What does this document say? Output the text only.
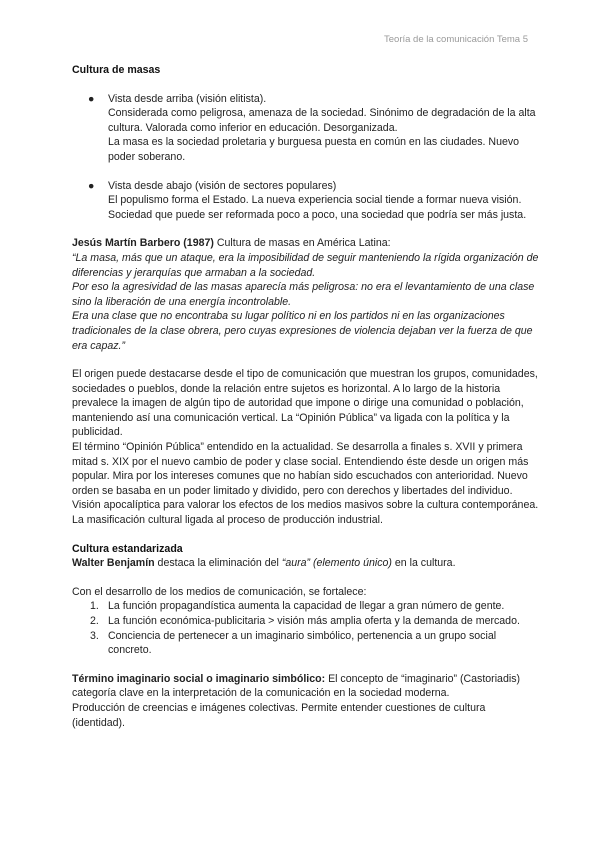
Teoría de la comunicación Tema 5

Cultura de masas

● Vista desde arriba (visión elitista).

Considerada como peligrosa, amenaza de la sociedad. Sinónimo de degradación de la alta cultura. Valorada como inferior en educación. Desorganizada.

La masa es la sociedad proletaria y burguesa puesta en común en las ciudades. Nuevo poder soberano.

● Vista desde abajo (visión de sectores populares)

El populismo forma el Estado. La nueva experiencia social tiende a formar nueva visión.

Sociedad que puede ser reformada poco a poco, una sociedad que podría ser más justa.

Jesús Martín Barbero (1987) Cultura de masas en América Latina:

“La masa, más que un ataque, era la imposibilidad de seguir manteniendo la rígida organización de diferencias y jerarquías que armaban a la sociedad.

Por eso la agresividad de las masas aparecía más peligrosa: no era el levantamiento de una clase sino la liberación de una energía incontrolable.

Era una clase que no encontraba su lugar político ni en los partidos ni en las organizaciones tradicionales de la clase obrera, pero cuyas expresiones de violencia dejaban ver la fuerza de que era capaz.”

El origen puede destacarse desde el tipo de comunicación que muestran los grupos, comunidades, sociedades o pueblos, donde la relación entre sujetos es horizontal. A lo largo de la historia prevalece la imagen de algún tipo de autoridad que impone o dirige una comunidad o población, manteniendo así una comunicación vertical. La “Opinión Pública” va ligada con la política y la publicidad.

El término “Opinión Pública” entendido en la actualidad. Se desarrolla a finales s. XVII y primera mitad s. XIX por el nuevo cambio de poder y clase social. Entendiendo éste desde un origen más popular. Mira por los intereses comunes que no habían sido escuchados con anterioridad. Nuevo orden se basaba en un poder limitado y dividido, pero con derechos y libertades del individuo.

Visión apocalíptica para valorar los efectos de los medios masivos sobre la cultura contemporánea. La masificación cultural ligada al proceso de producción industrial.

Cultura estandarizada

Walter Benjamín destaca la eliminación del “aura” (elemento único) en la cultura.

Con el desarrollo de los medios de comunicación, se fortalece:

1. La función propagandística aumenta la capacidad de llegar a gran número de gente.
2. La función económica-publicitaria > visión más amplia oferta y la demanda de mercado.
3. Conciencia de pertenecer a un imaginario simbólico, pertenencia a un grupo social concreto.

Término imaginario social o imaginario simbólico: El concepto de “imaginario” (Castoriadis) categoría clave en la interpretación de la comunicación en la sociedad moderna.

Producción de creencias e imágenes colectivas. Permite entender cuestiones de cultura (identidad).
